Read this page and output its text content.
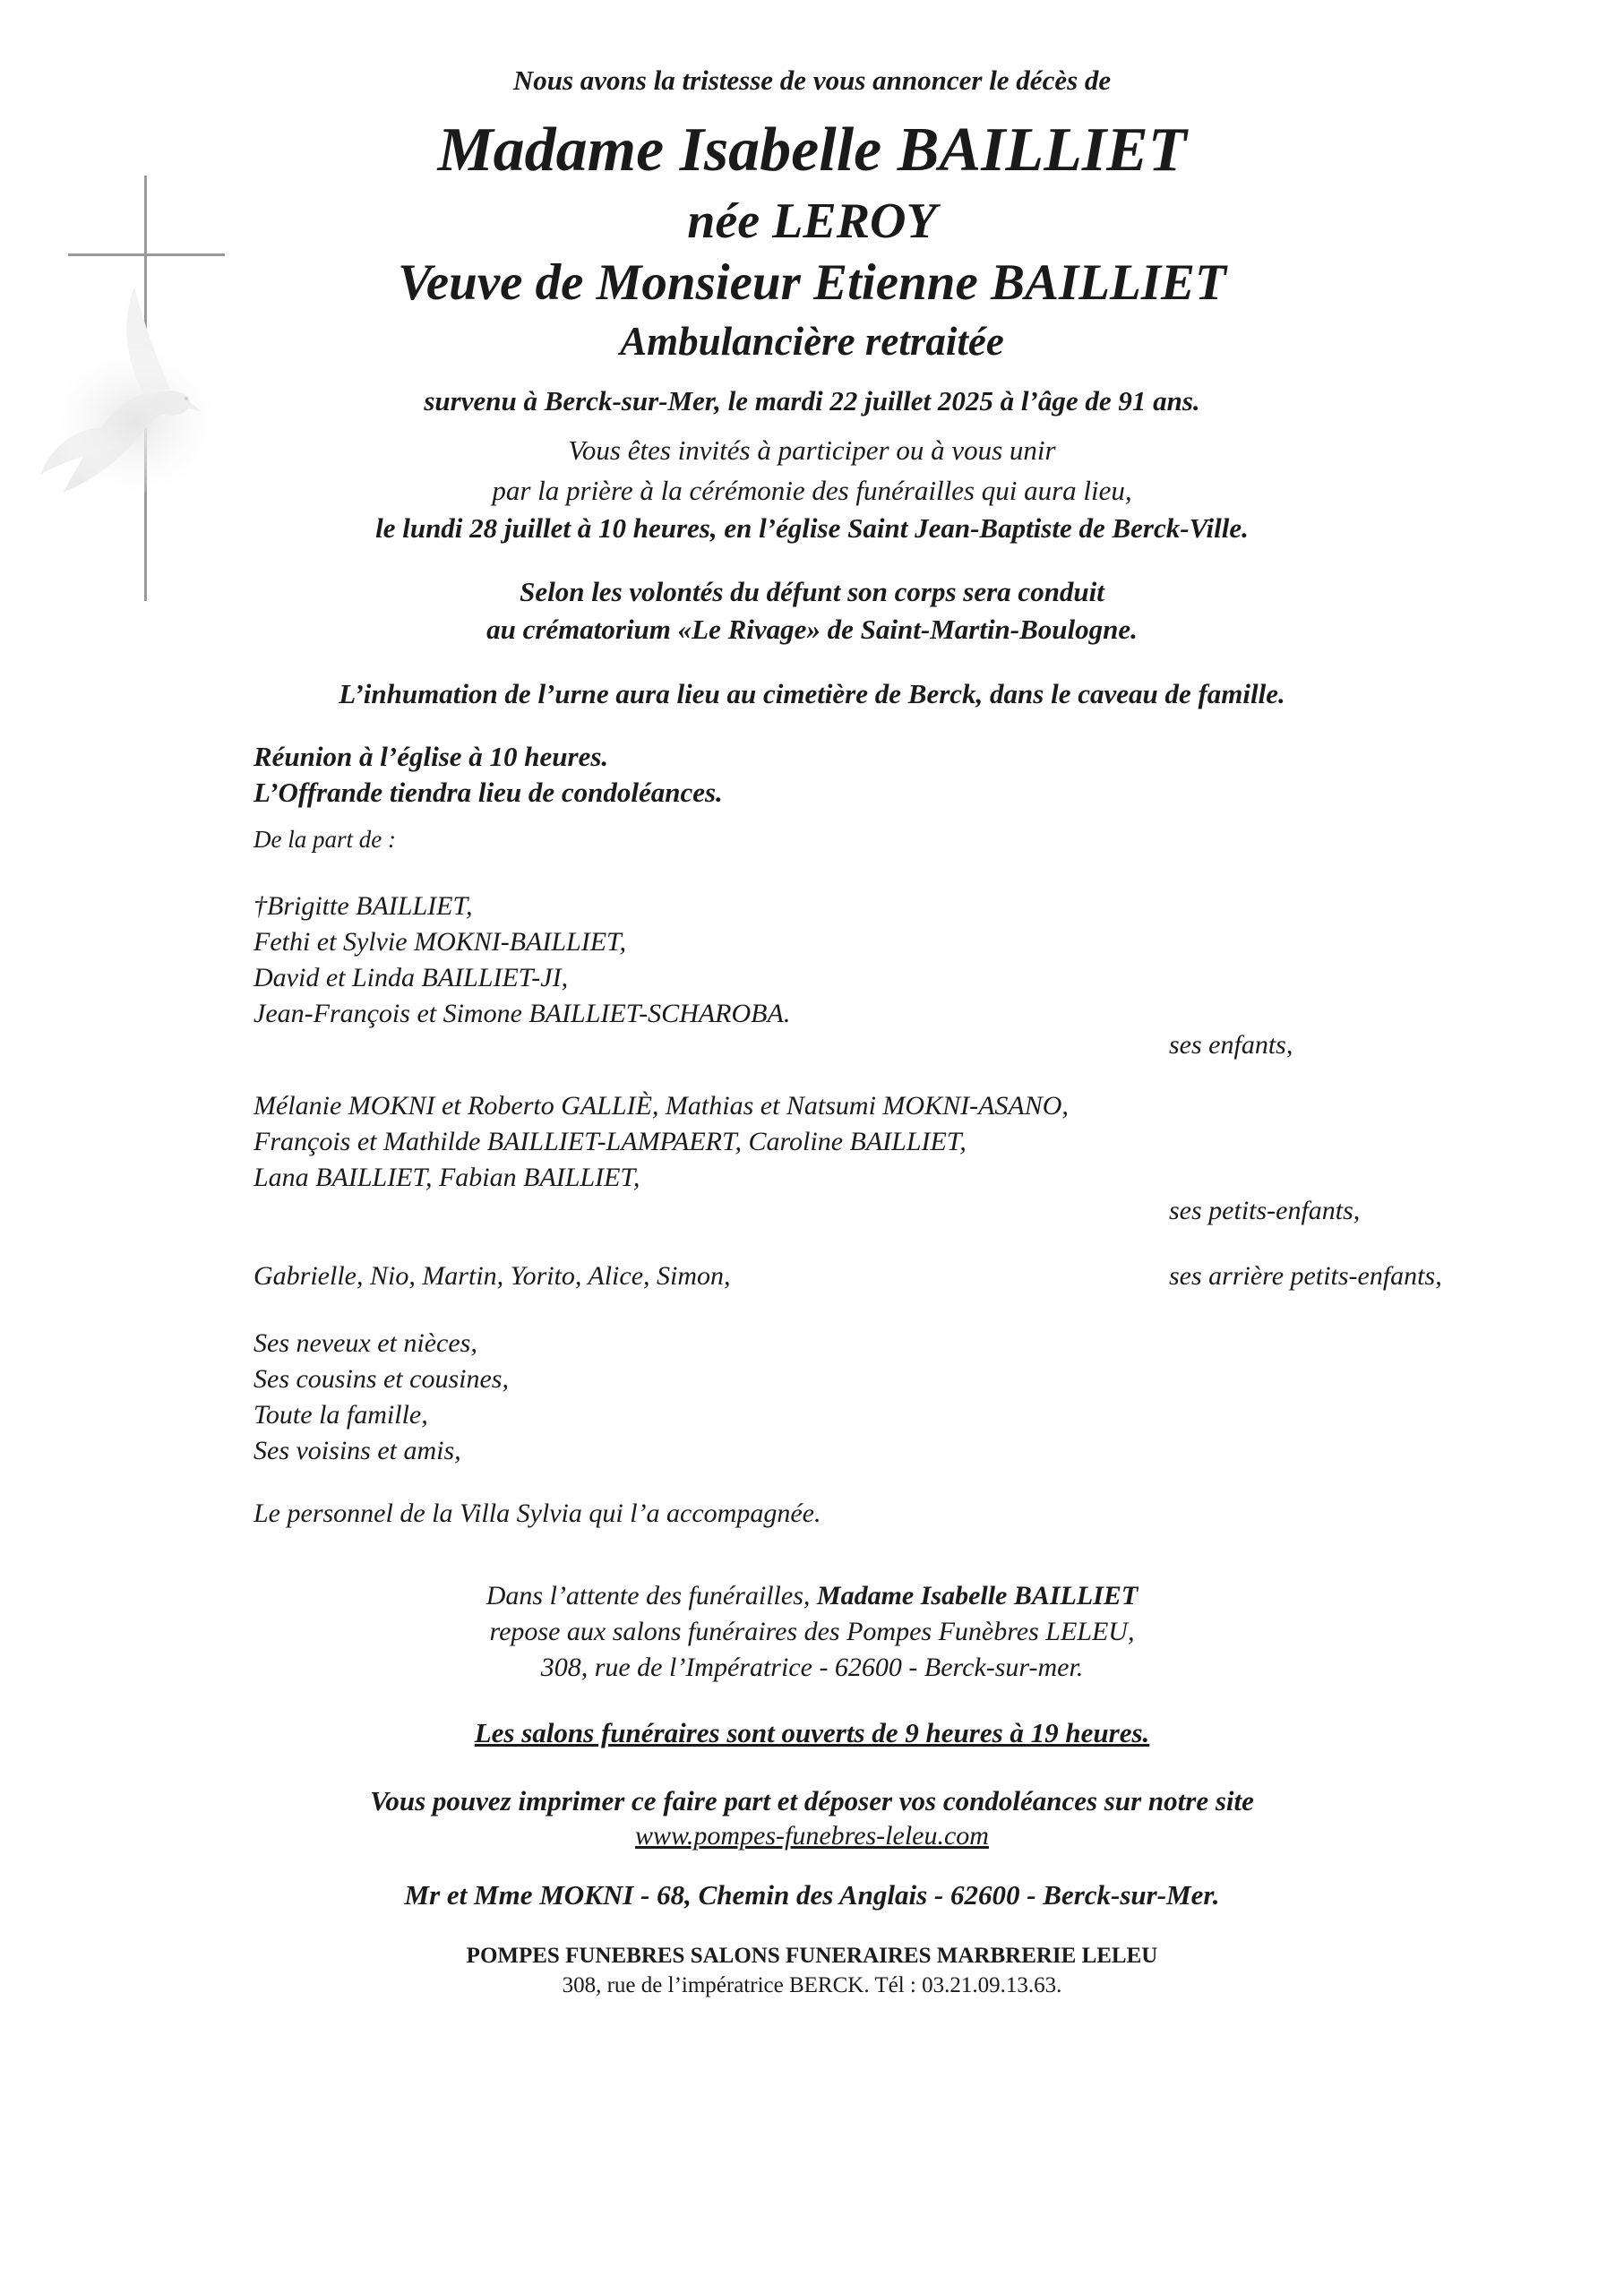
Nous avons la tristesse de vous annoncer le décès de
Madame Isabelle BAILLIET
née LEROY
Veuve de Monsieur Etienne BAILLIET
Ambulancière retraitée
survenu à Berck-sur-Mer, le mardi 22 juillet 2025 à l’âge de 91 ans.
Vous êtes invités à participer ou à vous unir
par la prière à la cérémonie des funérailles qui aura lieu,
le lundi 28 juillet à 10 heures, en l’église Saint Jean-Baptiste de Berck-Ville.
Selon les volontés du défunt son corps sera conduit
au crématorium «Le Rivage» de Saint-Martin-Boulogne.
L’inhumation de l’urne aura lieu au cimetière de Berck, dans le caveau de famille.
Réunion à l’église à 10 heures.
L’Offrande tiendra lieu de condoléances.
De la part de :
†Brigitte BAILLIET,
Fethi et Sylvie MOKNI-BAILLIET,
David et Linda BAILLIET-JI,
Jean-François et Simone BAILLIET-SCHAROBA.
ses enfants,
Mélanie MOKNI et Roberto GALLIÈ, Mathias et Natsumi MOKNI-ASANO,
François et Mathilde BAILLIET-LAMPAERT, Caroline BAILLIET,
Lana BAILLIET, Fabian BAILLIET,
ses petits-enfants,
Gabrielle, Nio, Martin, Yorito, Alice, Simon,	ses arrière petits-enfants,
Ses neveux et nièces,
Ses cousins et cousines,
Toute la famille,
Ses voisins et amis,
Le personnel de la Villa Sylvia qui l’a accompagnée.
Dans l’attente des funérailles, Madame Isabelle BAILLIET
repose aux salons funéraires des Pompes Funèbres LELEU,
308, rue de l’Impératrice - 62600 - Berck-sur-mer.
Les salons funéraires sont ouverts de 9 heures à 19 heures.
Vous pouvez imprimer ce faire part et déposer vos condoléances sur notre site
www.pompes-funebres-leleu.com
Mr et Mme MOKNI - 68, Chemin des Anglais - 62600 - Berck-sur-Mer.
POMPES FUNEBRES SALONS FUNERAIRES MARBRERIE LELEU
308, rue de l’impératrice BERCK. Tél : 03.21.09.13.63.
